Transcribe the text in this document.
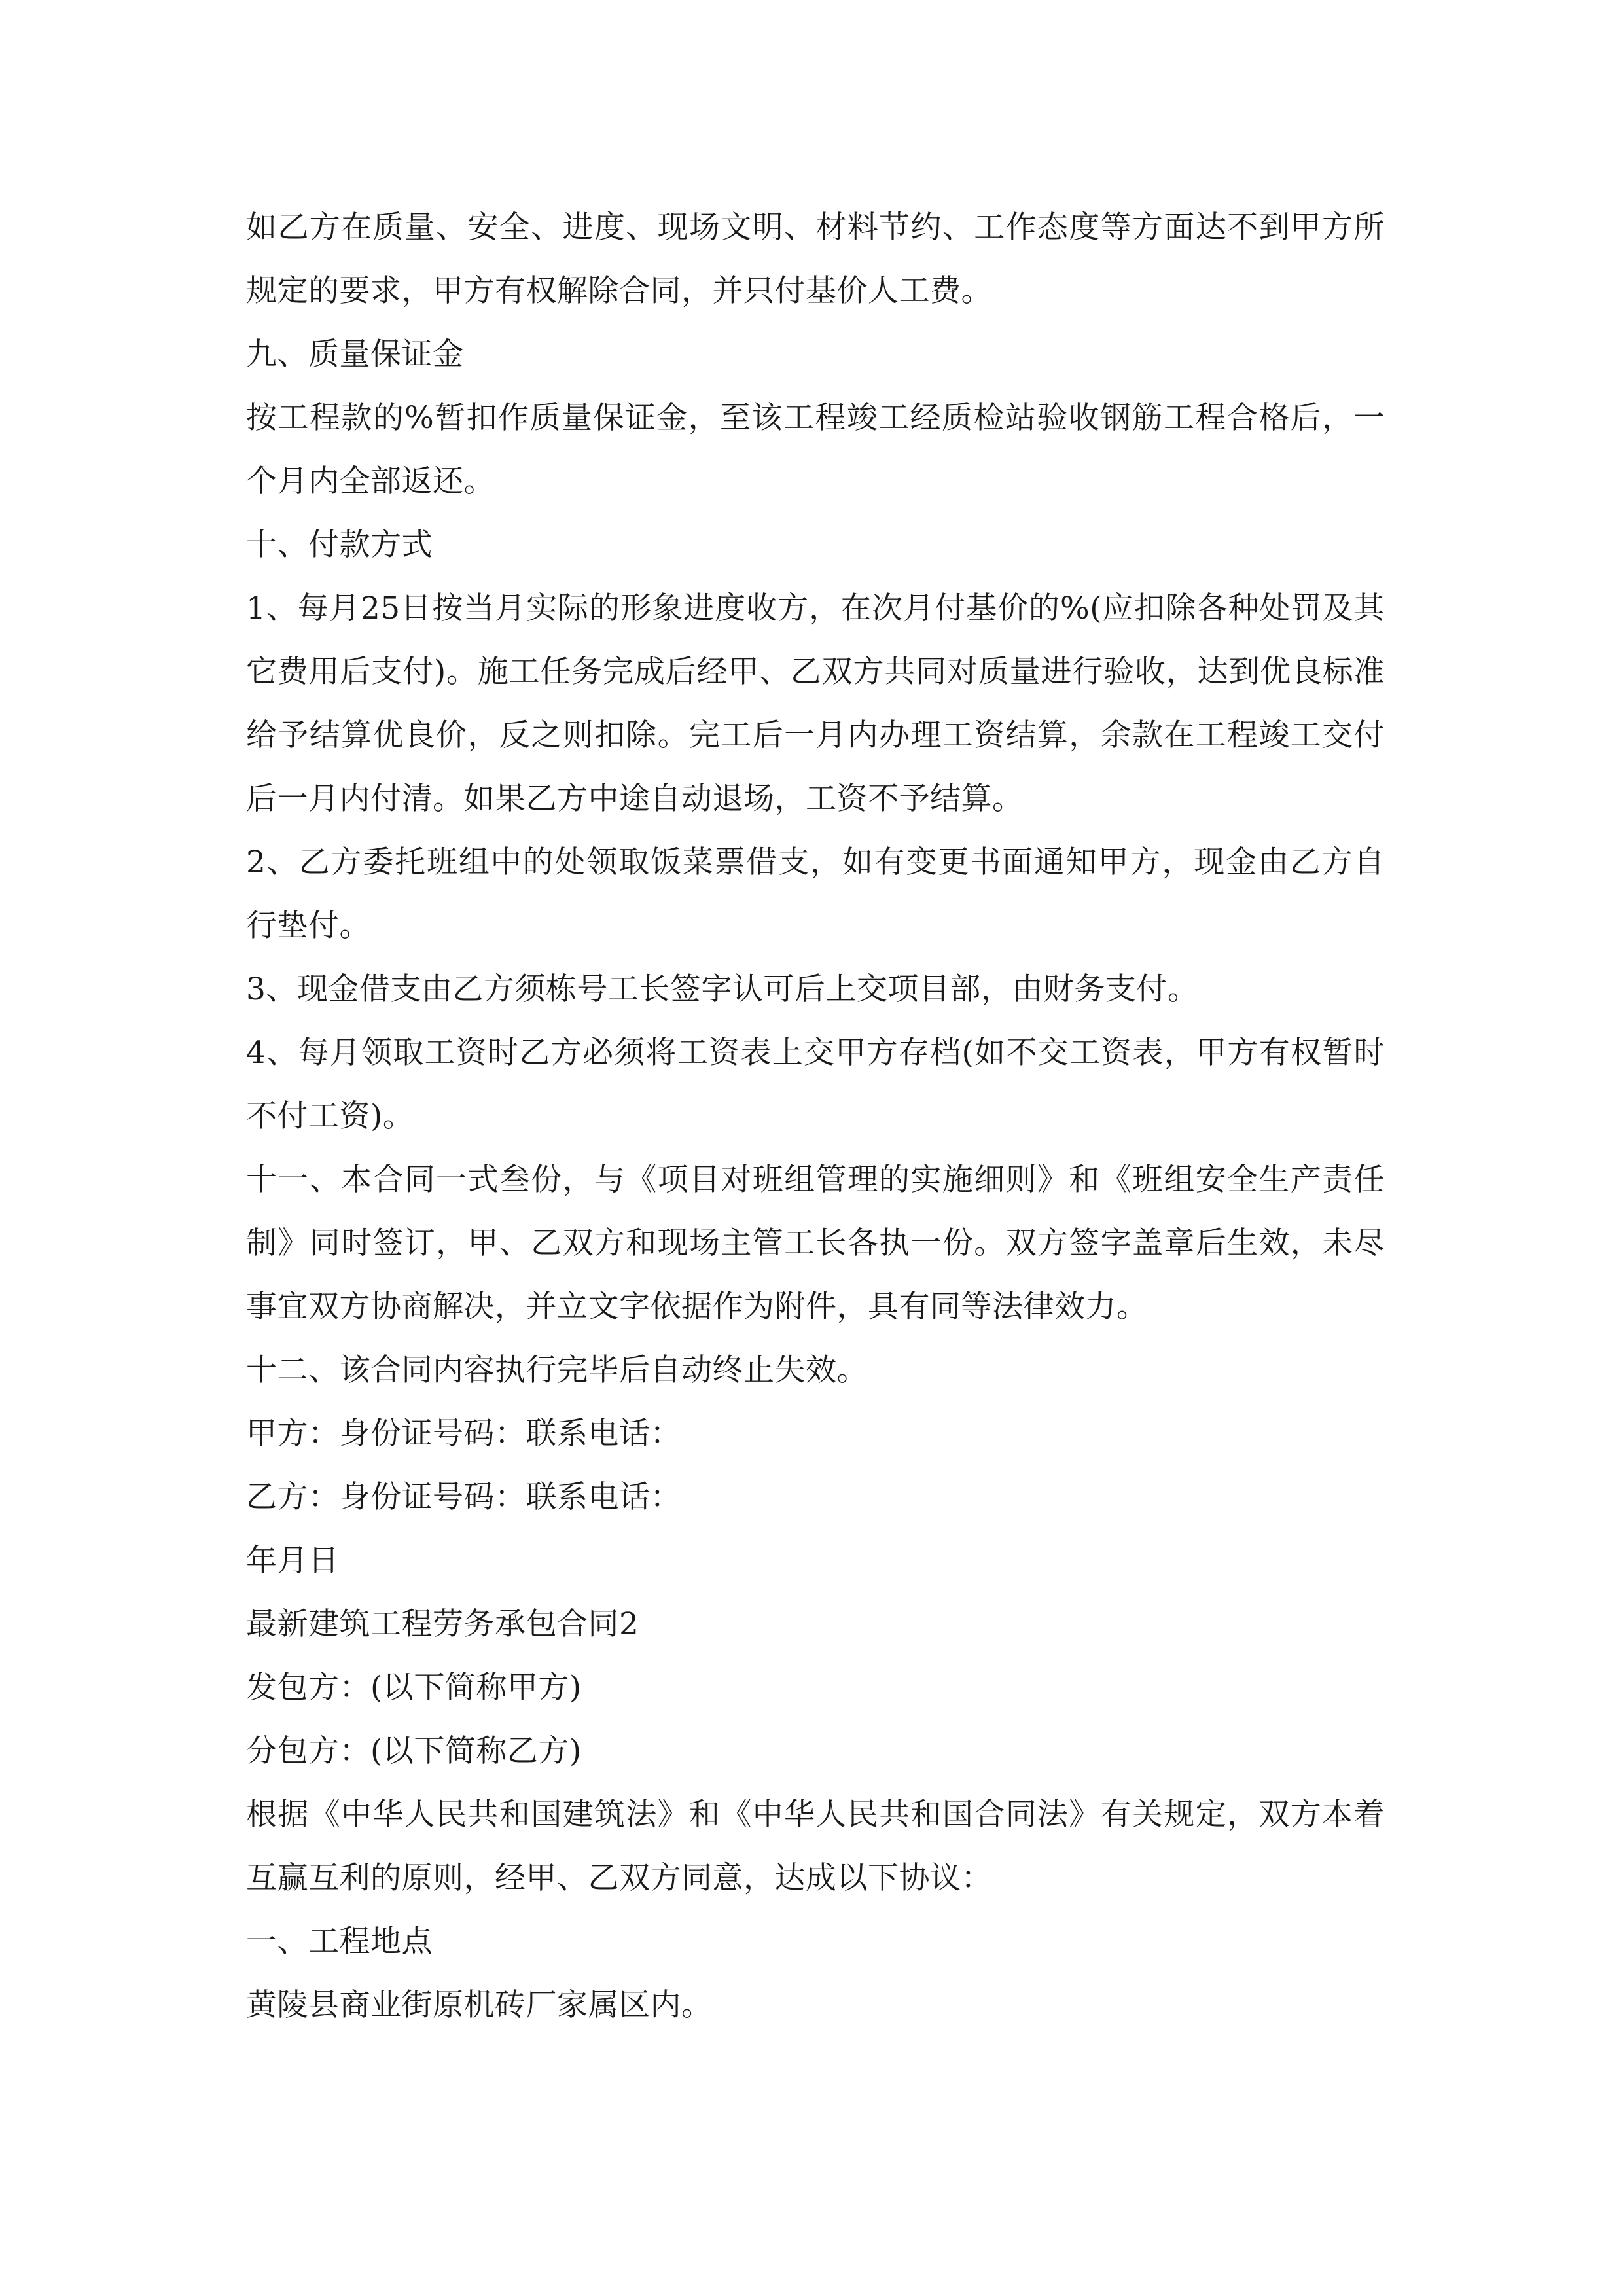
如乙方在质量、安全、进度、现场文明、材料节约、工作态度等方面达不到甲方所规定的要求，甲方有权解除合同，并只付基价人工费。

九、质量保证金

按工程款的%暂扣作质量保证金，至该工程竣工经质检站验收钢筋工程合格后，一个月内全部返还。

十、付款方式

1、每月25日按当月实际的形象进度收方，在次月付基价的%(应扣除各种处罚及其它费用后支付)。施工任务完成后经甲、乙双方共同对质量进行验收，达到优良标准给予结算优良价，反之则扣除。完工后一月内办理工资结算，余款在工程竣工交付后一月内付清。如果乙方中途自动退场，工资不予结算。

2、乙方委托班组中的处领取饭菜票借支，如有变更书面通知甲方，现金由乙方自行垫付。

3、现金借支由乙方须栋号工长签字认可后上交项目部，由财务支付。

4、每月领取工资时乙方必须将工资表上交甲方存档(如不交工资表，甲方有权暂时不付工资)。

十一、本合同一式叁份，与《项目对班组管理的实施细则》和《班组安全生产责任制》同时签订，甲、乙双方和现场主管工长各执一份。双方签字盖章后生效，未尽事宜双方协商解决，并立文字依据作为附件，具有同等法律效力。

十二、该合同内容执行完毕后自动终止失效。

甲方：身份证号码：联系电话：

乙方：身份证号码：联系电话：

年月日

最新建筑工程劳务承包合同2

发包方：(以下简称甲方)

分包方：(以下简称乙方)

根据《中华人民共和国建筑法》和《中华人民共和国合同法》有关规定，双方本着互赢互利的原则，经甲、乙双方同意，达成以下协议：

一、工程地点

黄陵县商业街原机砖厂家属区内。
